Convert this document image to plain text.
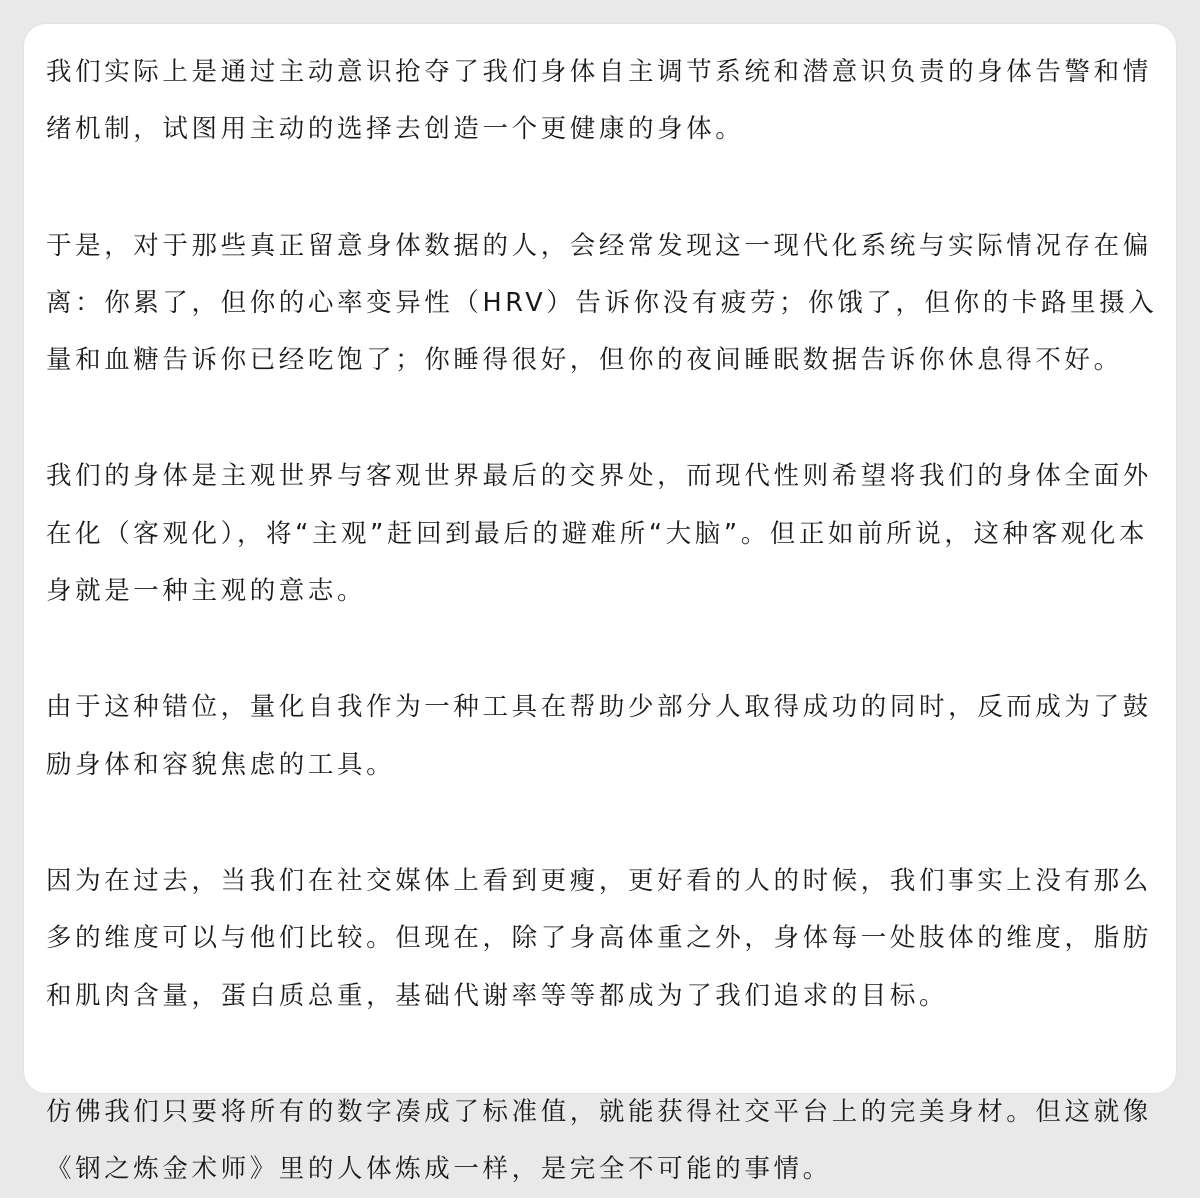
我们实际上是通过主动意识抢夺了我们身体自主调节系统和潜意识负责的身体告警和情
绪机制，试图用主动的选择去创造一个更健康的身体。

于是，对于那些真正留意身体数据的人，会经常发现这一现代化系统与实际情况存在偏
离：你累了，但你的心率变异性（HRV）告诉你没有疲劳；你饿了，但你的卡路里摄入
量和血糖告诉你已经吃饱了；你睡得很好，但你的夜间睡眠数据告诉你休息得不好。

我们的身体是主观世界与客观世界最后的交界处，而现代性则希望将我们的身体全面外
在化（客观化），将“主观”赶回到最后的避难所“大脑”。但正如前所说，这种客观化本
身就是一种主观的意志。

由于这种错位，量化自我作为一种工具在帮助少部分人取得成功的同时，反而成为了鼓
励身体和容貌焦虑的工具。

因为在过去，当我们在社交媒体上看到更瘦，更好看的人的时候，我们事实上没有那么
多的维度可以与他们比较。但现在，除了身高体重之外，身体每一处肢体的维度，脂肪
和肌肉含量，蛋白质总重，基础代谢率等等都成为了我们追求的目标。

仿佛我们只要将所有的数字凑成了标准值，就能获得社交平台上的完美身材。但这就像
《钢之炼金术师》里的人体炼成一样，是完全不可能的事情。
